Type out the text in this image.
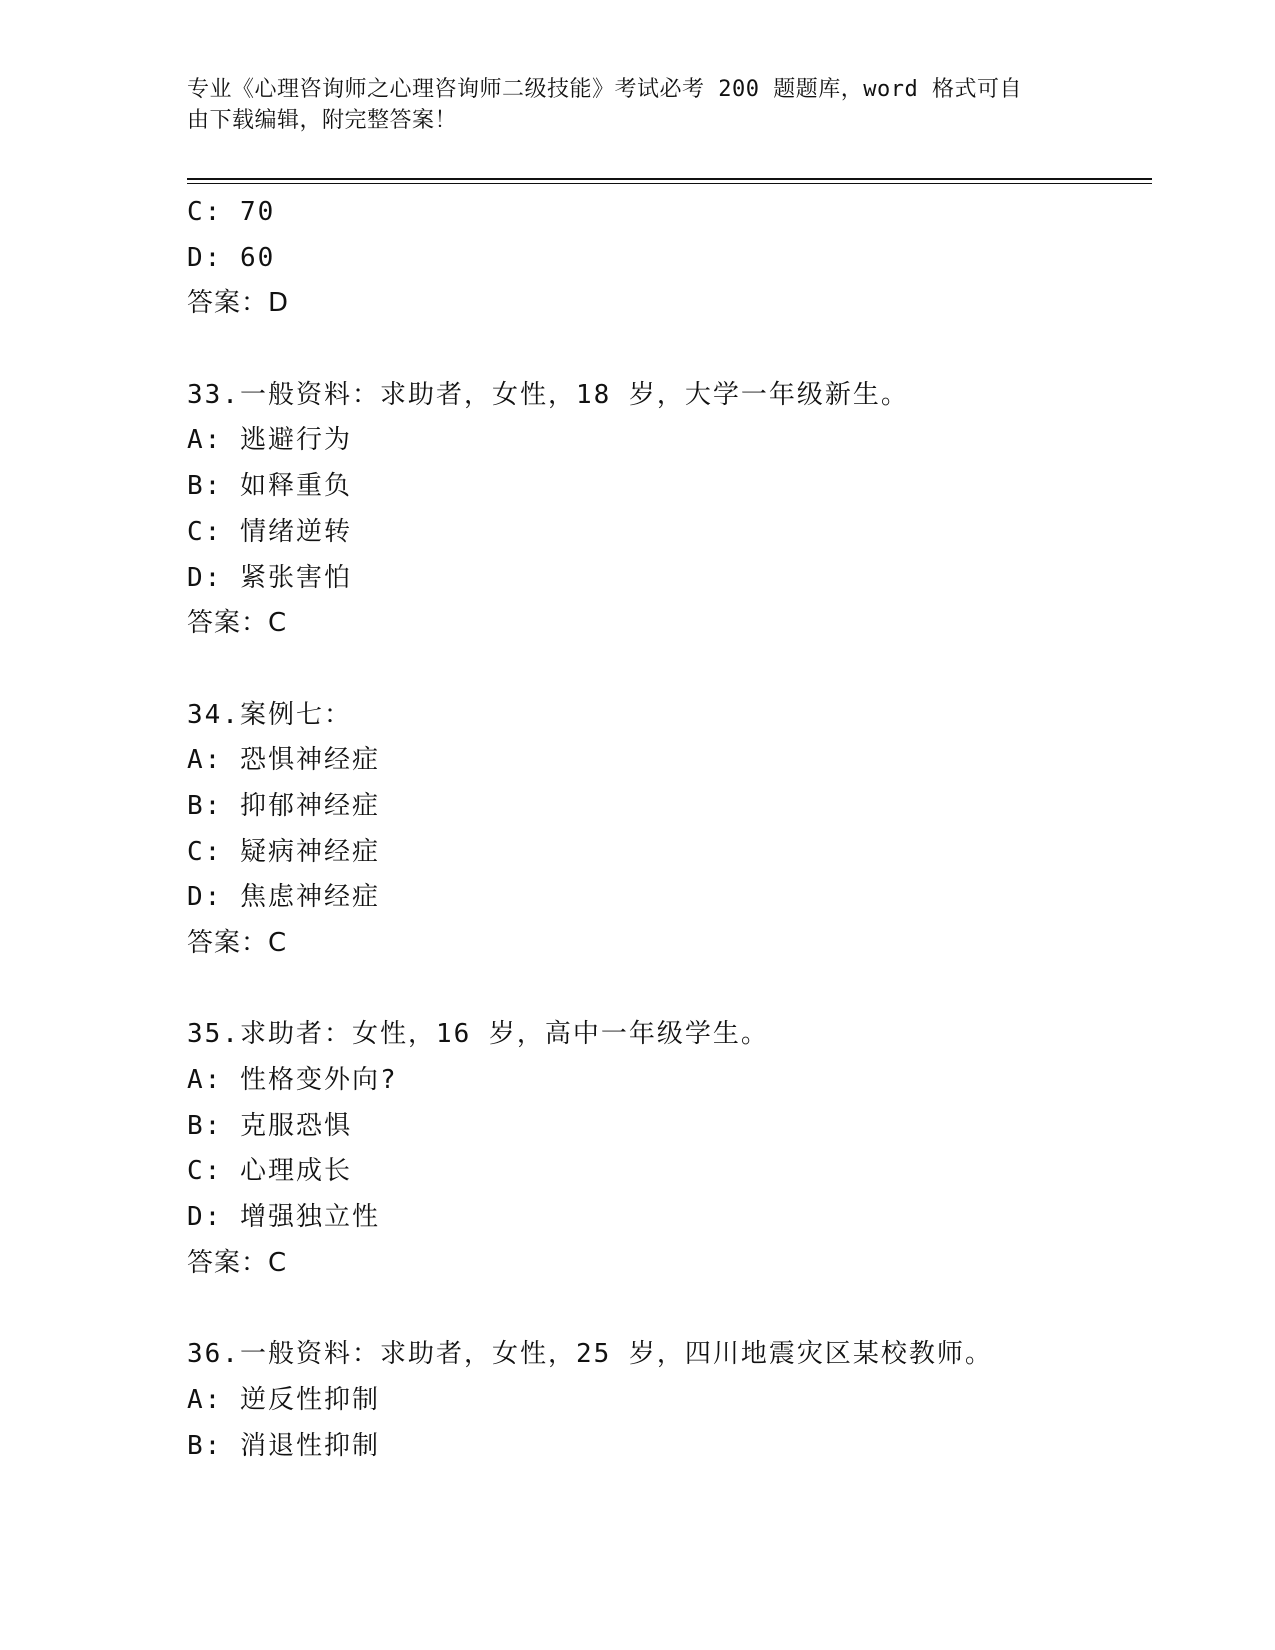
专业《心理咨询师之心理咨询师二级技能》考试必考 200 题题库，word 格式可自
由下载编辑，附完整答案！
C: 70
D: 60
答案：D
33.一般资料：求助者，女性，18 岁，大学一年级新生。
A: 逃避行为
B: 如释重负
C: 情绪逆转
D: 紧张害怕
答案：C
34.案例七：
A: 恐惧神经症
B: 抑郁神经症
C: 疑病神经症
D: 焦虑神经症
答案：C
35.求助者：女性，16 岁，高中一年级学生。
A: 性格变外向?
B: 克服恐惧
C: 心理成长
D: 增强独立性
答案：C
36.一般资料：求助者，女性，25 岁，四川地震灾区某校教师。
A: 逆反性抑制
B: 消退性抑制
